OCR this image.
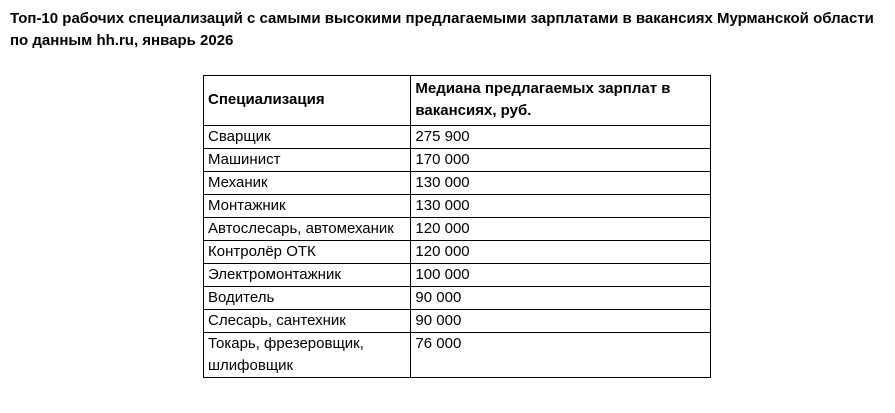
Топ-10 рабочих специализаций с самыми высокими предлагаемыми зарплатами в вакансиях Мурманской области по данным hh.ru, январь 2026
Специализация	Медиана предлагаемых зарплат в вакансиях, руб.
Сварщик	275 900
Машинист	170 000
Механик	130 000
Монтажник	130 000
Автослесарь, автомеханик	120 000
Контролёр ОТК	120 000
Электромонтажник	100 000
Водитель	90 000
Слесарь, сантехник	90 000
Токарь, фрезеровщик, шлифовщик	76 000
